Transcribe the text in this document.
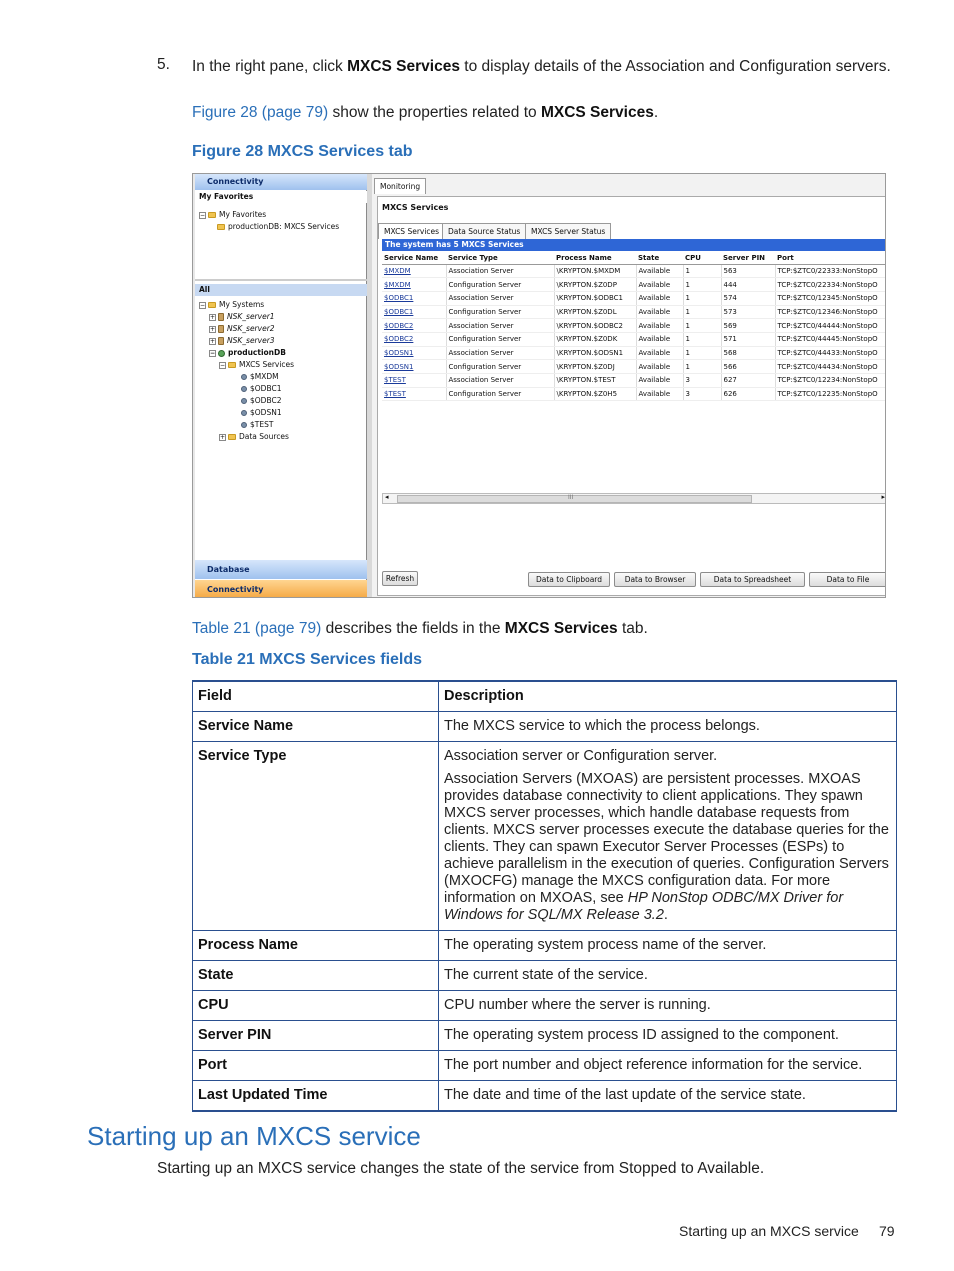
5. In the right pane, click MXCS Services to display details of the Association and Configuration servers.
Figure 28 (page 79) show the properties related to MXCS Services.
Figure 28 MXCS Services tab
Connectivity
My Favorites
− My Favorites
productionDB: MXCS Services
All
− My Systems
+ NSK_server1
+ NSK_server2
+ NSK_server3
− productionDB
− MXCS Services
$MXDM
$ODBC1
$ODBC2
$ODSN1
$TEST
+ Data Sources
Database
Connectivity
Monitoring
MXCS Services
MXCS Services	Data Source Status	MXCS Server Status
The system has 5 MXCS Services
Service Name	Service Type	Process Name	State	CPU	Server PIN	Port
$MXDM	Association Server	\KRYPTON.$MXDM	Available	1	563	TCP:$ZTC0/22333:NonStopO
$MXDM	Configuration Server	\KRYPTON.$Z0DP	Available	1	444	TCP:$ZTC0/22334:NonStopO
$ODBC1	Association Server	\KRYPTON.$ODBC1	Available	1	574	TCP:$ZTC0/12345:NonStopO
$ODBC1	Configuration Server	\KRYPTON.$Z0DL	Available	1	573	TCP:$ZTC0/12346:NonStopO
$ODBC2	Association Server	\KRYPTON.$ODBC2	Available	1	569	TCP:$ZTC0/44444:NonStopO
$ODBC2	Configuration Server	\KRYPTON.$Z0DK	Available	1	571	TCP:$ZTC0/44445:NonStopO
$ODSN1	Association Server	\KRYPTON.$ODSN1	Available	1	568	TCP:$ZTC0/44433:NonStopO
$ODSN1	Configuration Server	\KRYPTON.$Z0DJ	Available	1	566	TCP:$ZTC0/44434:NonStopO
$TEST	Association Server	\KRYPTON.$TEST	Available	3	627	TCP:$ZTC0/12234:NonStopO
$TEST	Configuration Server	\KRYPTON.$Z0H5	Available	3	626	TCP:$ZTC0/12235:NonStopO
◂	III	▸
Refresh	Data to Clipboard	Data to Browser	Data to Spreadsheet	Data to File
Table 21 (page 79) describes the fields in the MXCS Services tab.
Table 21 MXCS Services fields
Field	Description
Service Name	The MXCS service to which the process belongs.
Service Type	Association server or Configuration server.

Association Servers (MXOAS) are persistent processes. MXOAS provides database connectivity to client applications. They spawn MXCS server processes, which handle database requests from clients. MXCS server processes execute the database queries for the clients. They can spawn Executor Server Processes (ESPs) to achieve parallelism in the execution of queries. Configuration Servers (MXOCFG) manage the MXCS configuration data. For more information on MXOAS, see HP NonStop ODBC/MX Driver for Windows for SQL/MX Release 3.2.

Process Name	The operating system process name of the server.
State	The current state of the service.
CPU	CPU number where the server is running.
Server PIN	The operating system process ID assigned to the component.
Port	The port number and object reference information for the service.
Last Updated Time	The date and time of the last update of the service state.
Starting up an MXCS service
Starting up an MXCS service changes the state of the service from Stopped to Available.
Starting up an MXCS service 79
